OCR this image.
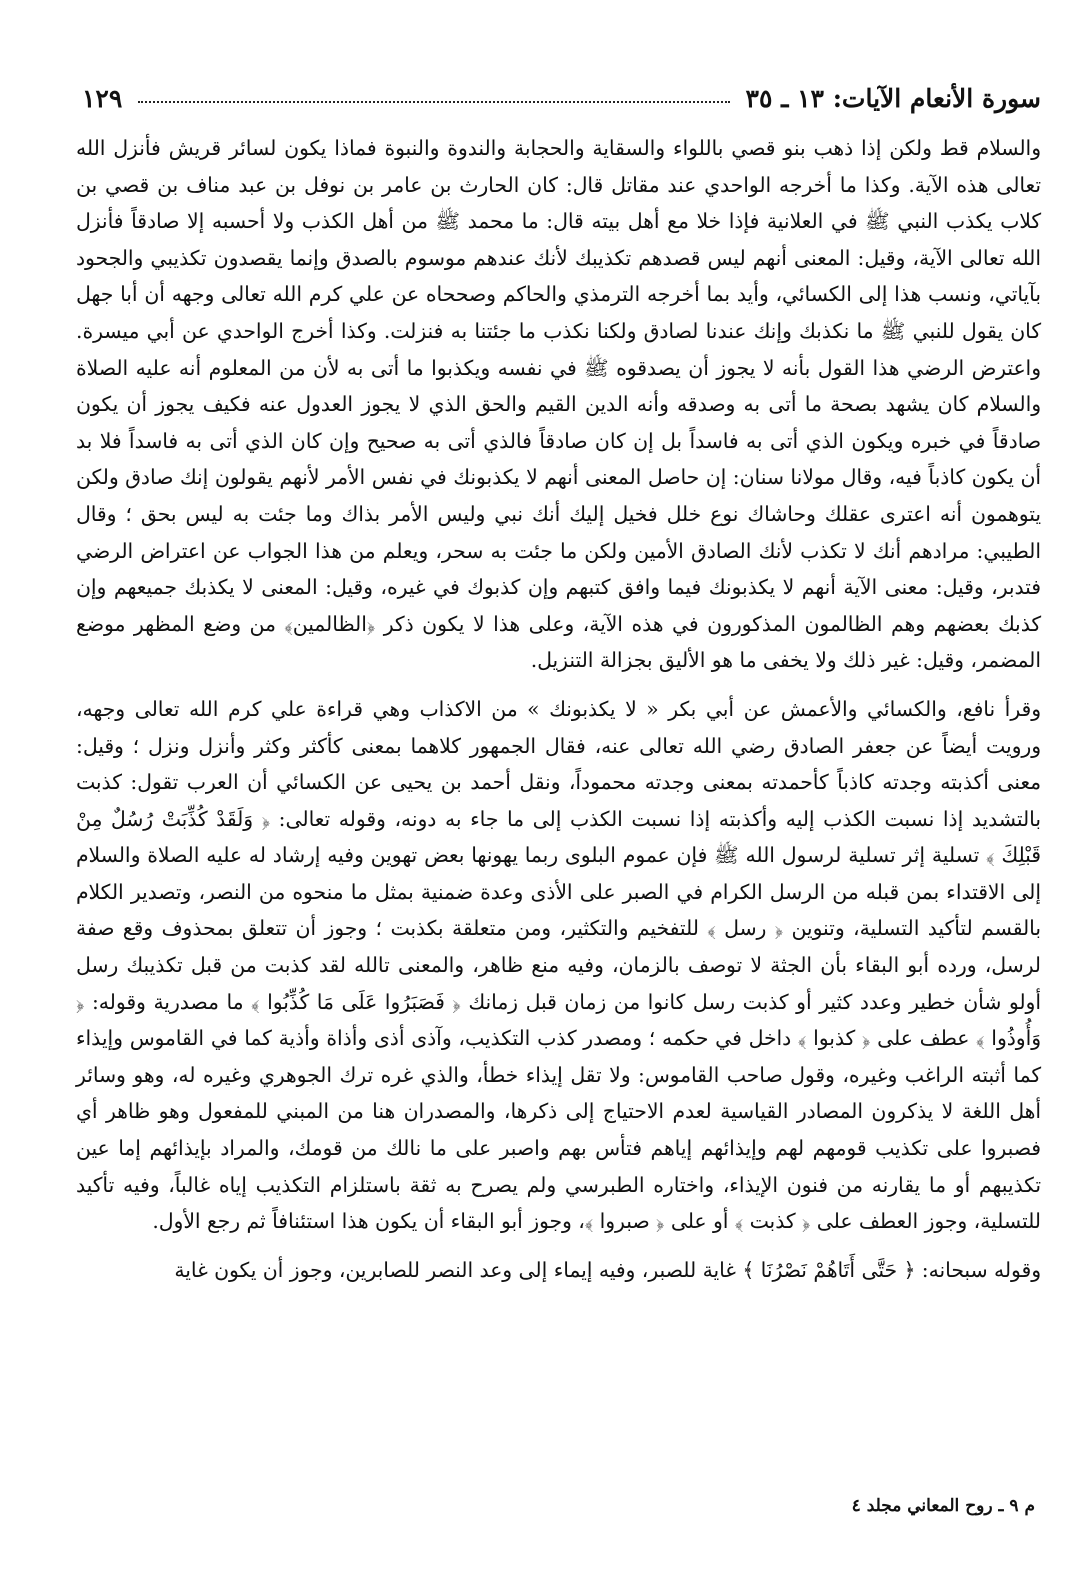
سورة الأنعام الآيات: ١٣ ـ ٣٥
١٢٩

والسلام قط ولكن إذا ذهب بنو قصي باللواء والسقاية والحجابة والندوة والنبوة فماذا يكون لسائر قريش فأنزل الله تعالى هذه الآية. وكذا ما أخرجه الواحدي عند مقاتل قال: كان الحارث بن عامر بن نوفل بن عبد مناف بن قصي بن كلاب يكذب النبي ﷺ في العلانية فإذا خلا مع أهل بيته قال: ما محمد ﷺ من أهل الكذب ولا أحسبه إلا صادقاً فأنزل الله تعالى الآية، وقيل: المعنى أنهم ليس قصدهم تكذيبك لأنك عندهم موسوم بالصدق وإنما يقصدون تكذيبي والجحود بآياتي، ونسب هذا إلى الكسائي، وأيد بما أخرجه الترمذي والحاكم وصححاه عن علي كرم الله تعالى وجهه أن أبا جهل كان يقول للنبي ﷺ ما نكذبك وإنك عندنا لصادق ولكنا نكذب ما جئتنا به فنزلت. وكذا أخرج الواحدي عن أبي ميسرة. واعترض الرضي هذا القول بأنه لا يجوز أن يصدقوه ﷺ في نفسه ويكذبوا ما أتى به لأن من المعلوم أنه عليه الصلاة والسلام كان يشهد بصحة ما أتى به وصدقه وأنه الدين القيم والحق الذي لا يجوز العدول عنه فكيف يجوز أن يكون صادقاً في خبره ويكون الذي أتى به فاسداً بل إن كان صادقاً فالذي أتى به صحيح وإن كان الذي أتى به فاسداً فلا بد أن يكون كاذباً فيه، وقال مولانا سنان: إن حاصل المعنى أنهم لا يكذبونك في نفس الأمر لأنهم يقولون إنك صادق ولكن يتوهمون أنه اعترى عقلك وحاشاك نوع خلل فخيل إليك أنك نبي وليس الأمر بذاك وما جئت به ليس بحق ؛ وقال الطيبي: مرادهم أنك لا تكذب لأنك الصادق الأمين ولكن ما جئت به سحر، ويعلم من هذا الجواب عن اعتراض الرضي فتدبر، وقيل: معنى الآية أنهم لا يكذبونك فيما وافق كتبهم وإن كذبوك في غيره، وقيل: المعنى لا يكذبك جميعهم وإن كذبك بعضهم وهم الظالمون المذكورون في هذه الآية، وعلى هذا لا يكون ذكر ﴿الظالمين﴾ من وضع المظهر موضع المضمر، وقيل: غير ذلك ولا يخفى ما هو الأليق بجزالة التنزيل.

وقرأ نافع، والكسائي والأعمش عن أبي بكر « لا يكذبونك » من الاكذاب وهي قراءة علي كرم الله تعالى وجهه، ورويت أيضاً عن جعفر الصادق رضي الله تعالى عنه، فقال الجمهور كلاهما بمعنى كأكثر وكثر وأنزل ونزل ؛ وقيل: معنى أكذبته وجدته كاذباً كأحمدته بمعنى وجدته محموداً، ونقل أحمد بن يحيى عن الكسائي أن العرب تقول: كذبت بالتشديد إذا نسبت الكذب إليه وأكذبته إذا نسبت الكذب إلى ما جاء به دونه، وقوله تعالى: ﴿ وَلَقَدْ كُذِّبَتْ رُسُلٌ مِنْ قَبْلِكَ ﴾ تسلية إثر تسلية لرسول الله ﷺ فإن عموم البلوى ربما يهونها بعض تهوين وفيه إرشاد له عليه الصلاة والسلام إلى الاقتداء بمن قبله من الرسل الكرام في الصبر على الأذى وعدة ضمنية بمثل ما منحوه من النصر، وتصدير الكلام بالقسم لتأكيد التسلية، وتنوين ﴿ رسل ﴾ للتفخيم والتكثير، ومن متعلقة بكذبت ؛ وجوز أن تتعلق بمحذوف وقع صفة لرسل، ورده أبو البقاء بأن الجثة لا توصف بالزمان، وفيه منع ظاهر، والمعنى تالله لقد كذبت من قبل تكذيبك رسل أولو شأن خطير وعدد كثير أو كذبت رسل كانوا من زمان قبل زمانك ﴿ فَصَبَرُوا عَلَى مَا كُذِّبُوا ﴾ ما مصدرية وقوله: ﴿ وَأُوذُوا ﴾ عطف على ﴿ كذبوا ﴾ داخل في حكمه ؛ ومصدر كذب التكذيب، وآذى أذى وأذاة وأذية كما في القاموس وإيذاء كما أثبته الراغب وغيره، وقول صاحب القاموس: ولا تقل إيذاء خطأ، والذي غره ترك الجوهري وغيره له، وهو وسائر أهل اللغة لا يذكرون المصادر القياسية لعدم الاحتياج إلى ذكرها، والمصدران هنا من المبني للمفعول وهو ظاهر أي فصبروا على تكذيب قومهم لهم وإيذائهم إياهم فتأس بهم واصبر على ما نالك من قومك، والمراد بإيذائهم إما عين تكذيبهم أو ما يقارنه من فنون الإيذاء، واختاره الطبرسي ولم يصرح به ثقة باستلزام التكذيب إياه غالباً، وفيه تأكيد للتسلية، وجوز العطف على ﴿ كذبت ﴾ أو على ﴿ صبروا ﴾، وجوز أبو البقاء أن يكون هذا استئنافاً ثم رجع الأول.

وقوله سبحانه: ﴿ حَتَّى أَتَاهُمْ نَصْرُنَا ﴾ غاية للصبر، وفيه إيماء إلى وعد النصر للصابرين، وجوز أن يكون غاية

م ٩ ـ روح المعاني مجلد ٤
